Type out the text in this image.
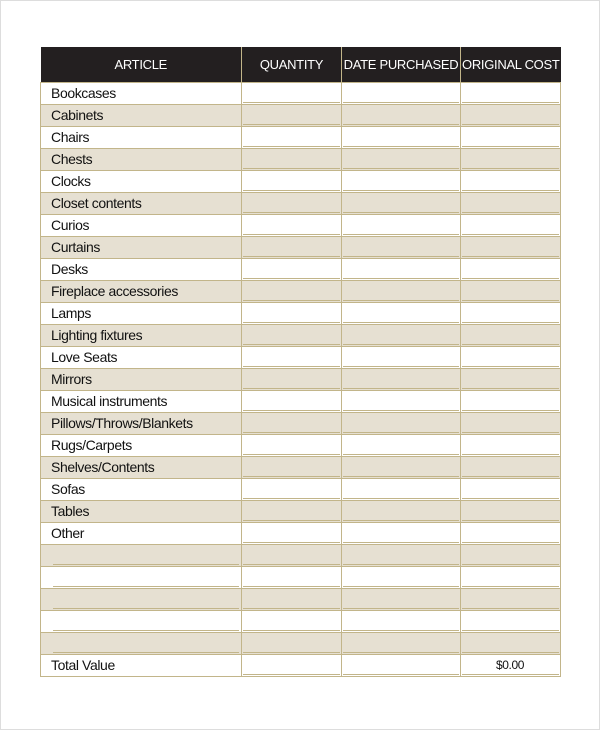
ARTICLE	QUANTITY	DATE PURCHASED	ORIGINAL COST

Bookcases			

Cabinets			

Chairs			

Chests			

Clocks			

Closet contents			

Curios			

Curtains			

Desks			

Fireplace accessories			

Lamps			

Lighting fixtures			

Love Seats			

Mirrors			

Musical instruments			

Pillows/Throws/Blankets			

Rugs/Carpets			

Shelves/Contents			

Sofas			

Tables			

Other			

Total Value			$0.00
